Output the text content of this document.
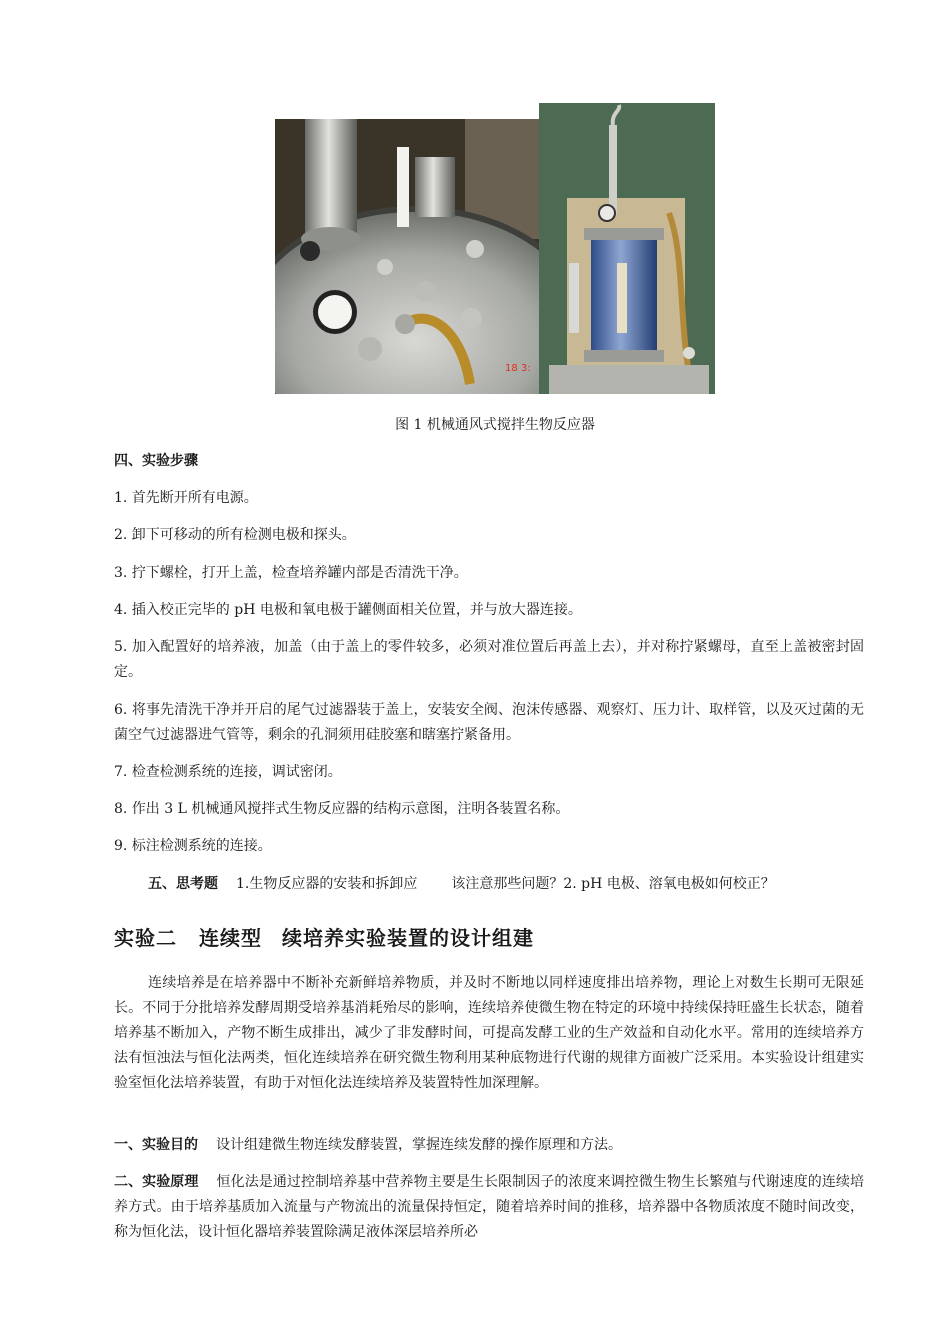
18 3:
图 1 机械通风式搅拌生物反应器
四、实验步骤
1. 首先断开所有电源。
2. 卸下可移动的所有检测电极和探头。
3. 拧下螺栓，打开上盖，检查培养罐内部是否清洗干净。
4. 插入校正完毕的 pH 电极和氧电极于罐侧面相关位置，并与放大器连接。
5. 加入配置好的培养液，加盖（由于盖上的零件较多，必须对准位置后再盖上去），并对称拧紧螺母，直至上盖被密封固定。
6. 将事先清洗干净并开启的尾气过滤器装于盖上，安装安全阀、泡沫传感器、观察灯、压力计、取样管，以及灭过菌的无菌空气过滤器进气管等，剩余的孔洞须用硅胶塞和瞎塞拧紧备用。
7. 检查检测系统的连接，调试密闭。
8. 作出 3 L 机械通风搅拌式生物反应器的结构示意图，注明各装置名称。
9. 标注检测系统的连接。
五、思考题 1.生物反应器的安装和拆卸应 该注意那些问题？2. pH 电极、溶氧电极如何校正？
实验二 连续型 续培养实验装置的设计组建
连续培养是在培养器中不断补充新鲜培养物质，并及时不断地以同样速度排出培养物，理论上对数生长期可无限延长。不同于分批培养发酵周期受培养基消耗殆尽的影响，连续培养使微生物在特定的环境中持续保持旺盛生长状态，随着培养基不断加入，产物不断生成排出，减少了非发酵时间，可提高发酵工业的生产效益和自动化水平。常用的连续培养方法有恒浊法与恒化法两类，恒化连续培养在研究微生物利用某种底物进行代谢的规律方面被广泛采用。本实验设计组建实验室恒化法培养装置，有助于对恒化法连续培养及装置特性加深理解。
一、实验目的 设计组建微生物连续发酵装置，掌握连续发酵的操作原理和方法。
二、实验原理 恒化法是通过控制培养基中营养物主要是生长限制因子的浓度来调控微生物生长繁殖与代谢速度的连续培养方式。由于培养基质加入流量与产物流出的流量保持恒定，随着培养时间的推移，培养器中各物质浓度不随时间改变，称为恒化法，设计恒化器培养装置除满足液体深层培养所必
